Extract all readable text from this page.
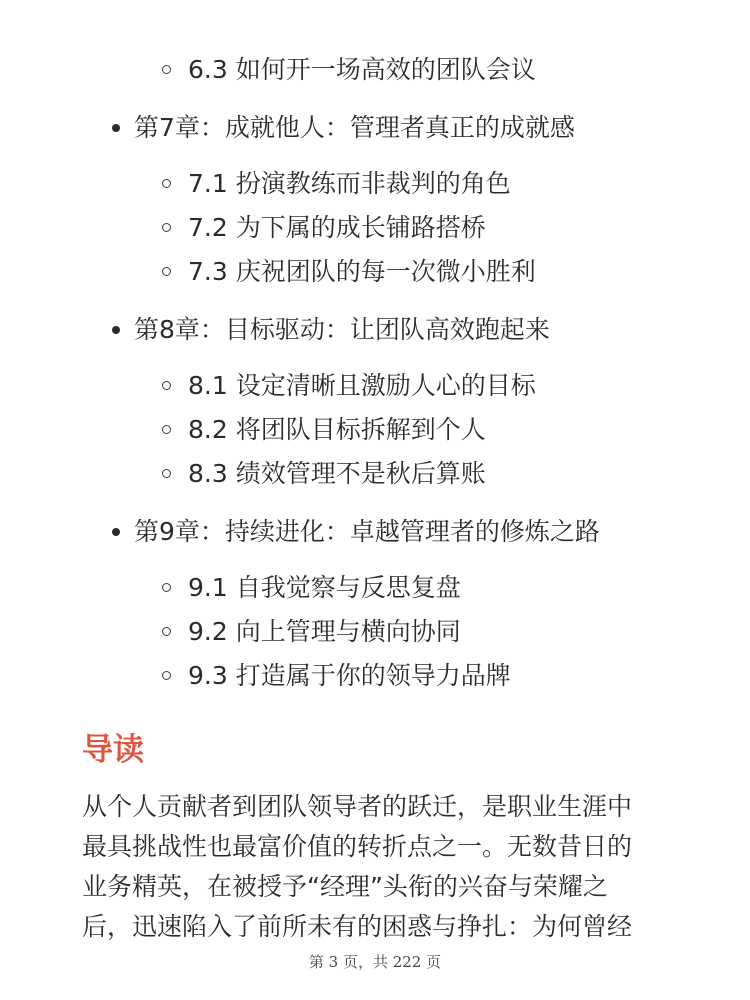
6.3 如何开一场高效的团队会议
第7章：成就他人：管理者真正的成就感
7.1 扮演教练而非裁判的角色
7.2 为下属的成长铺路搭桥
7.3 庆祝团队的每一次微小胜利
第8章：目标驱动：让团队高效跑起来
8.1 设定清晰且激励人心的目标
8.2 将团队目标拆解到个人
8.3 绩效管理不是秋后算账
第9章：持续进化：卓越管理者的修炼之路
9.1 自我觉察与反思复盘
9.2 向上管理与横向协同
9.3 打造属于你的领导力品牌
导读
从个人贡献者到团队领导者的跃迁，是职业生涯中
最具挑战性也最富价值的转折点之一。无数昔日的
业务精英，在被授予“经理”头衔的兴奋与荣耀之
后，迅速陷入了前所未有的困惑与挣扎：为何曾经
第 3 页，共 222 页
